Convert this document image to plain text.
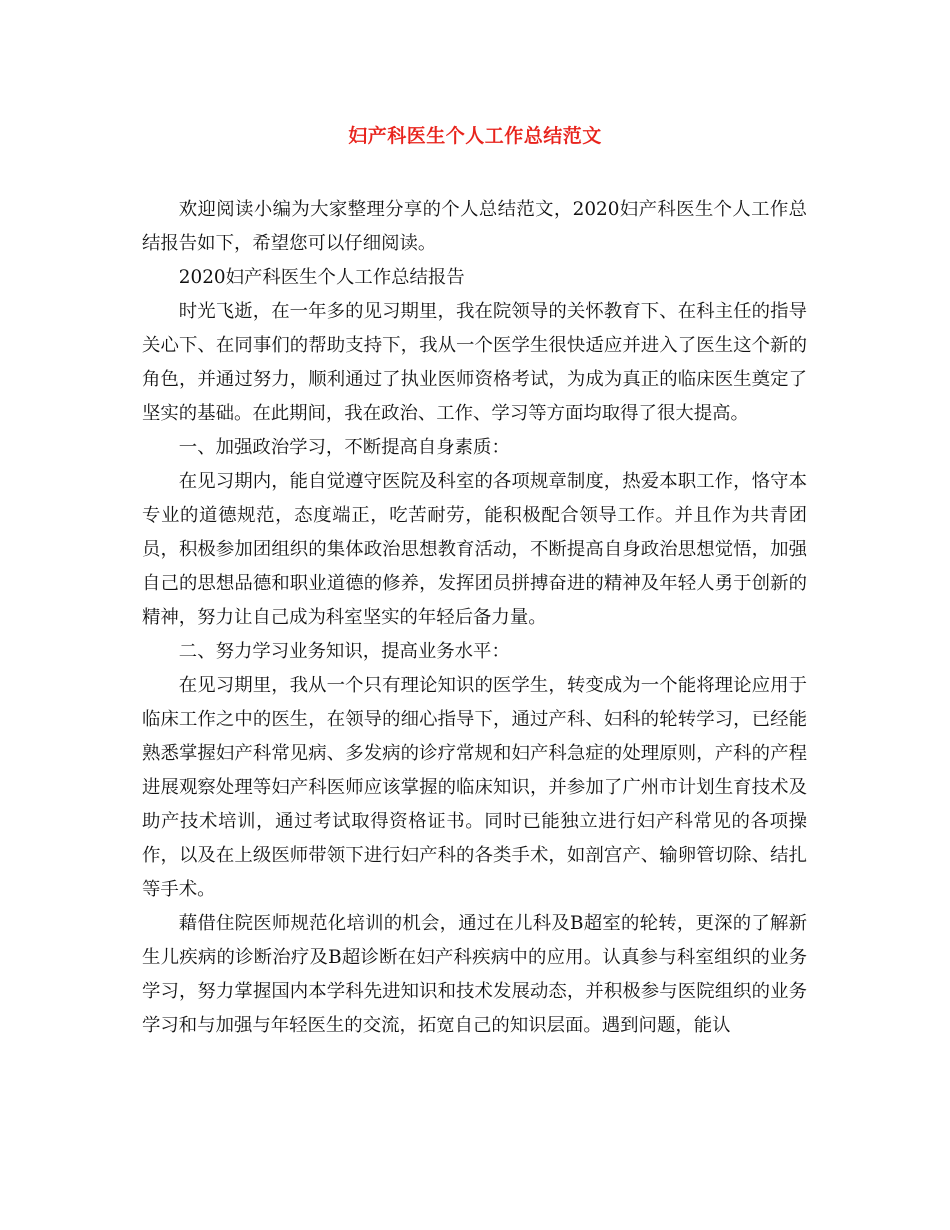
妇产科医生个人工作总结范文

欢迎阅读小编为大家整理分享的个人总结范文，2020妇产科医生个人工作总结报告如下，希望您可以仔细阅读。

2020妇产科医生个人工作总结报告

时光飞逝，在一年多的见习期里，我在院领导的关怀教育下、在科主任的指导关心下、在同事们的帮助支持下，我从一个医学生很快适应并进入了医生这个新的角色，并通过努力，顺利通过了执业医师资格考试，为成为真正的临床医生奠定了坚实的基础。在此期间，我在政治、工作、学习等方面均取得了很大提高。

一、加强政治学习，不断提高自身素质：

在见习期内，能自觉遵守医院及科室的各项规章制度，热爱本职工作，恪守本专业的道德规范，态度端正，吃苦耐劳，能积极配合领导工作。并且作为共青团员，积极参加团组织的集体政治思想教育活动，不断提高自身政治思想觉悟，加强自己的思想品德和职业道德的修养，发挥团员拼搏奋进的精神及年轻人勇于创新的精神，努力让自己成为科室坚实的年轻后备力量。

二、努力学习业务知识，提高业务水平：

在见习期里，我从一个只有理论知识的医学生，转变成为一个能将理论应用于临床工作之中的医生，在领导的细心指导下，通过产科、妇科的轮转学习，已经能熟悉掌握妇产科常见病、多发病的诊疗常规和妇产科急症的处理原则，产科的产程进展观察处理等妇产科医师应该掌握的临床知识，并参加了广州市计划生育技术及助产技术培训，通过考试取得资格证书。同时已能独立进行妇产科常见的各项操作，以及在上级医师带领下进行妇产科的各类手术，如剖宫产、输卵管切除、结扎等手术。

藉借住院医师规范化培训的机会，通过在儿科及B超室的轮转，更深的了解新生儿疾病的诊断治疗及B超诊断在妇产科疾病中的应用。认真参与科室组织的业务学习，努力掌握国内本学科先进知识和技术发展动态，并积极参与医院组织的业务学习和与加强与年轻医生的交流，拓宽自己的知识层面。遇到问题，能认
